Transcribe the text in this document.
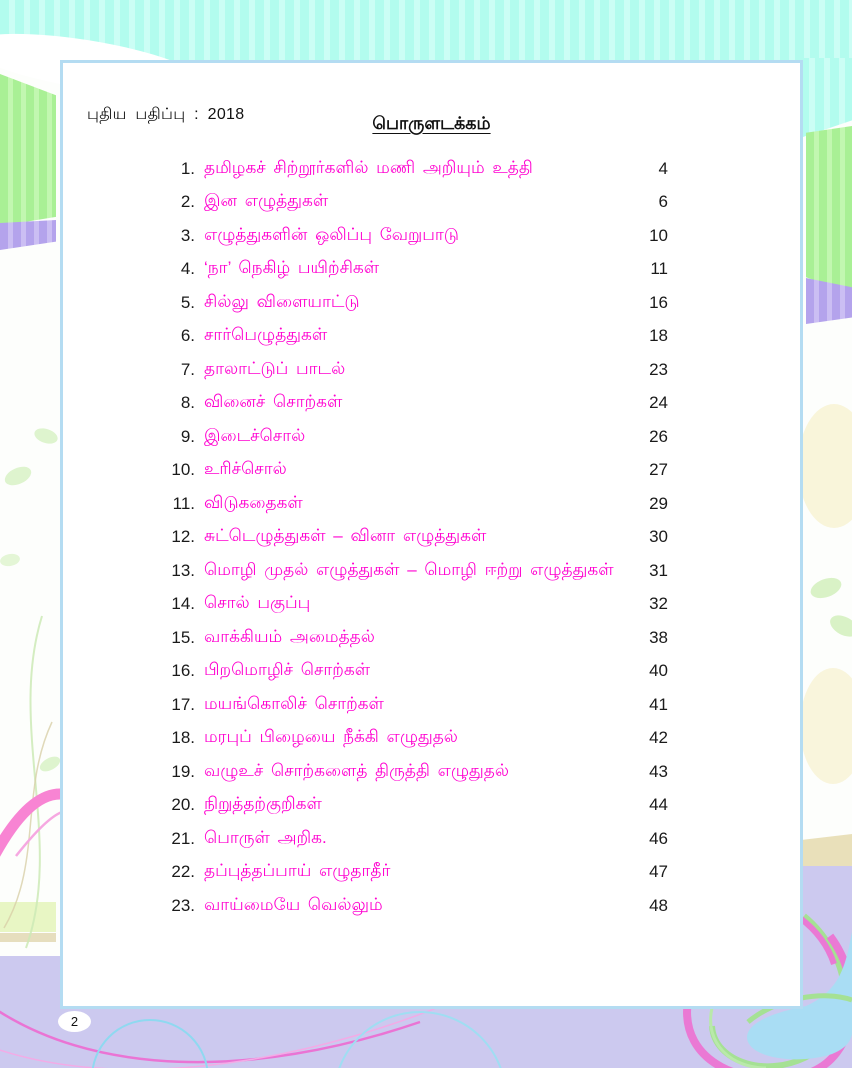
புதிய பதிப்பு : 2018	பொருளடக்கம்
1. தமிழகச் சிற்றூர்களில் மணி அறியும் உத்தி	4
2. இன எழுத்துகள்	6
3. எழுத்துகளின் ஒலிப்பு வேறுபாடு	10
4. ‘நா’ நெகிழ் பயிற்சிகள்	11
5. சில்லு விளையாட்டு	16
6. சார்பெழுத்துகள்	18
7. தாலாட்டுப் பாடல்	23
8. வினைச் சொற்கள்	24
9. இடைச்சொல்	26
10. உரிச்சொல்	27
11. விடுகதைகள்	29
12. சுட்டெழுத்துகள் – வினா எழுத்துகள்	30
13. மொழி முதல் எழுத்துகள் – மொழி ஈற்று எழுத்துகள்	31
14. சொல் பகுப்பு	32
15. வாக்கியம் அமைத்தல்	38
16. பிறமொழிச் சொற்கள்	40
17. மயங்கொலிச் சொற்கள்	41
18. மரபுப் பிழையை நீக்கி எழுதுதல்	42
19. வழுஉச் சொற்களைத் திருத்தி எழுதுதல்	43
20. நிறுத்தற்குறிகள்	44
21. பொருள் அறிக.	46
22. தப்புத்தப்பாய் எழுதாதீர்	47
23. வாய்மையே வெல்லும்	48
2
